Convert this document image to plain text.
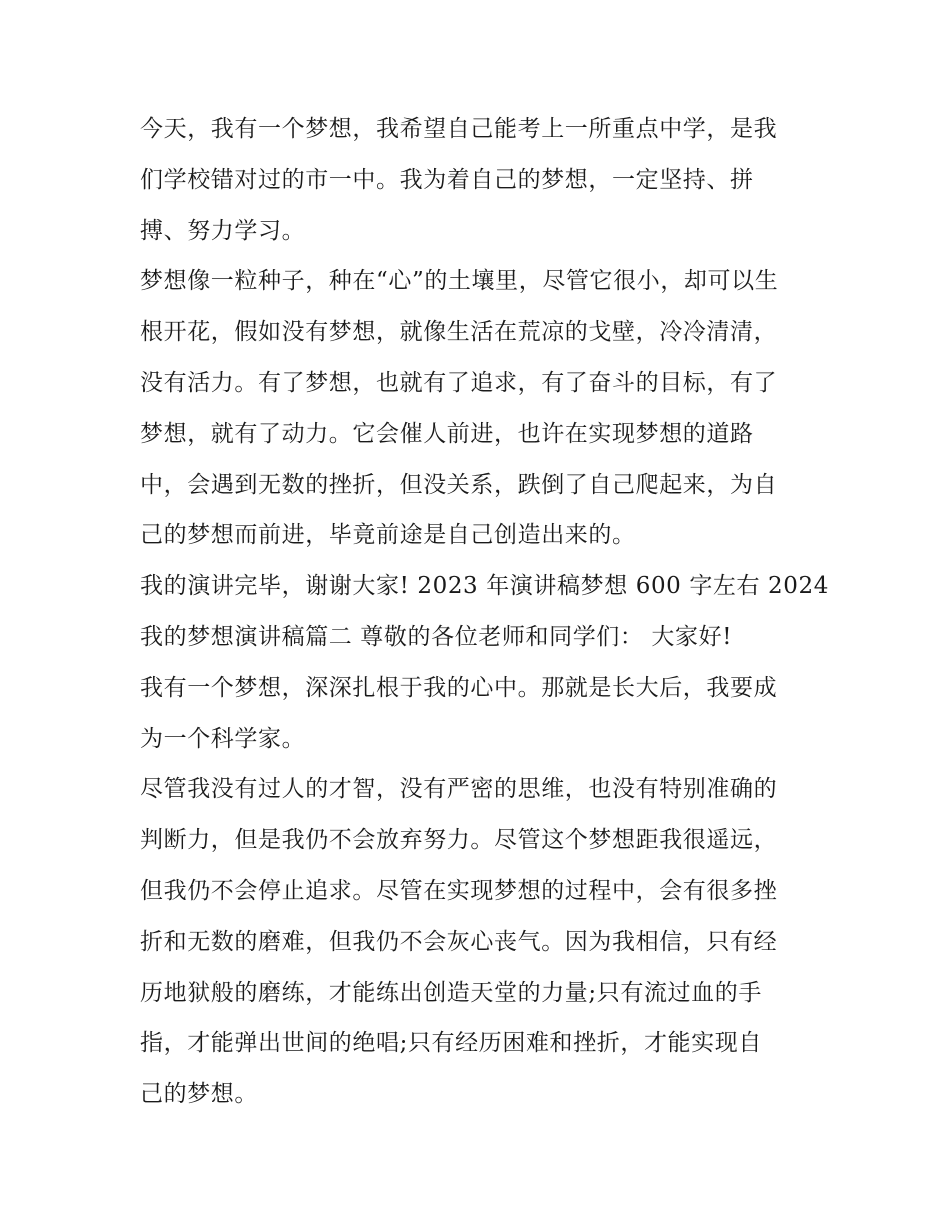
今天，我有一个梦想，我希望自己能考上一所重点中学，是我
们学校错对过的市一中。我为着自己的梦想，一定坚持、拼
搏、努力学习。
梦想像一粒种子，种在“心”的土壤里，尽管它很小，却可以生
根开花，假如没有梦想，就像生活在荒凉的戈壁，冷冷清清，
没有活力。有了梦想，也就有了追求，有了奋斗的目标，有了
梦想，就有了动力。它会催人前进，也许在实现梦想的道路
中，会遇到无数的挫折，但没关系，跌倒了自己爬起来，为自
己的梦想而前进，毕竟前途是自己创造出来的。
我的演讲完毕，谢谢大家! 2023 年演讲稿梦想 600 字左右 2024
我的梦想演讲稿篇二 尊敬的各位老师和同学们： 大家好!
我有一个梦想，深深扎根于我的心中。那就是长大后，我要成
为一个科学家。
尽管我没有过人的才智，没有严密的思维，也没有特别准确的
判断力，但是我仍不会放弃努力。尽管这个梦想距我很遥远，
但我仍不会停止追求。尽管在实现梦想的过程中，会有很多挫
折和无数的磨难，但我仍不会灰心丧气。因为我相信，只有经
历地狱般的磨练，才能练出创造天堂的力量;只有流过血的手
指，才能弹出世间的绝唱;只有经历困难和挫折，才能实现自
己的梦想。
